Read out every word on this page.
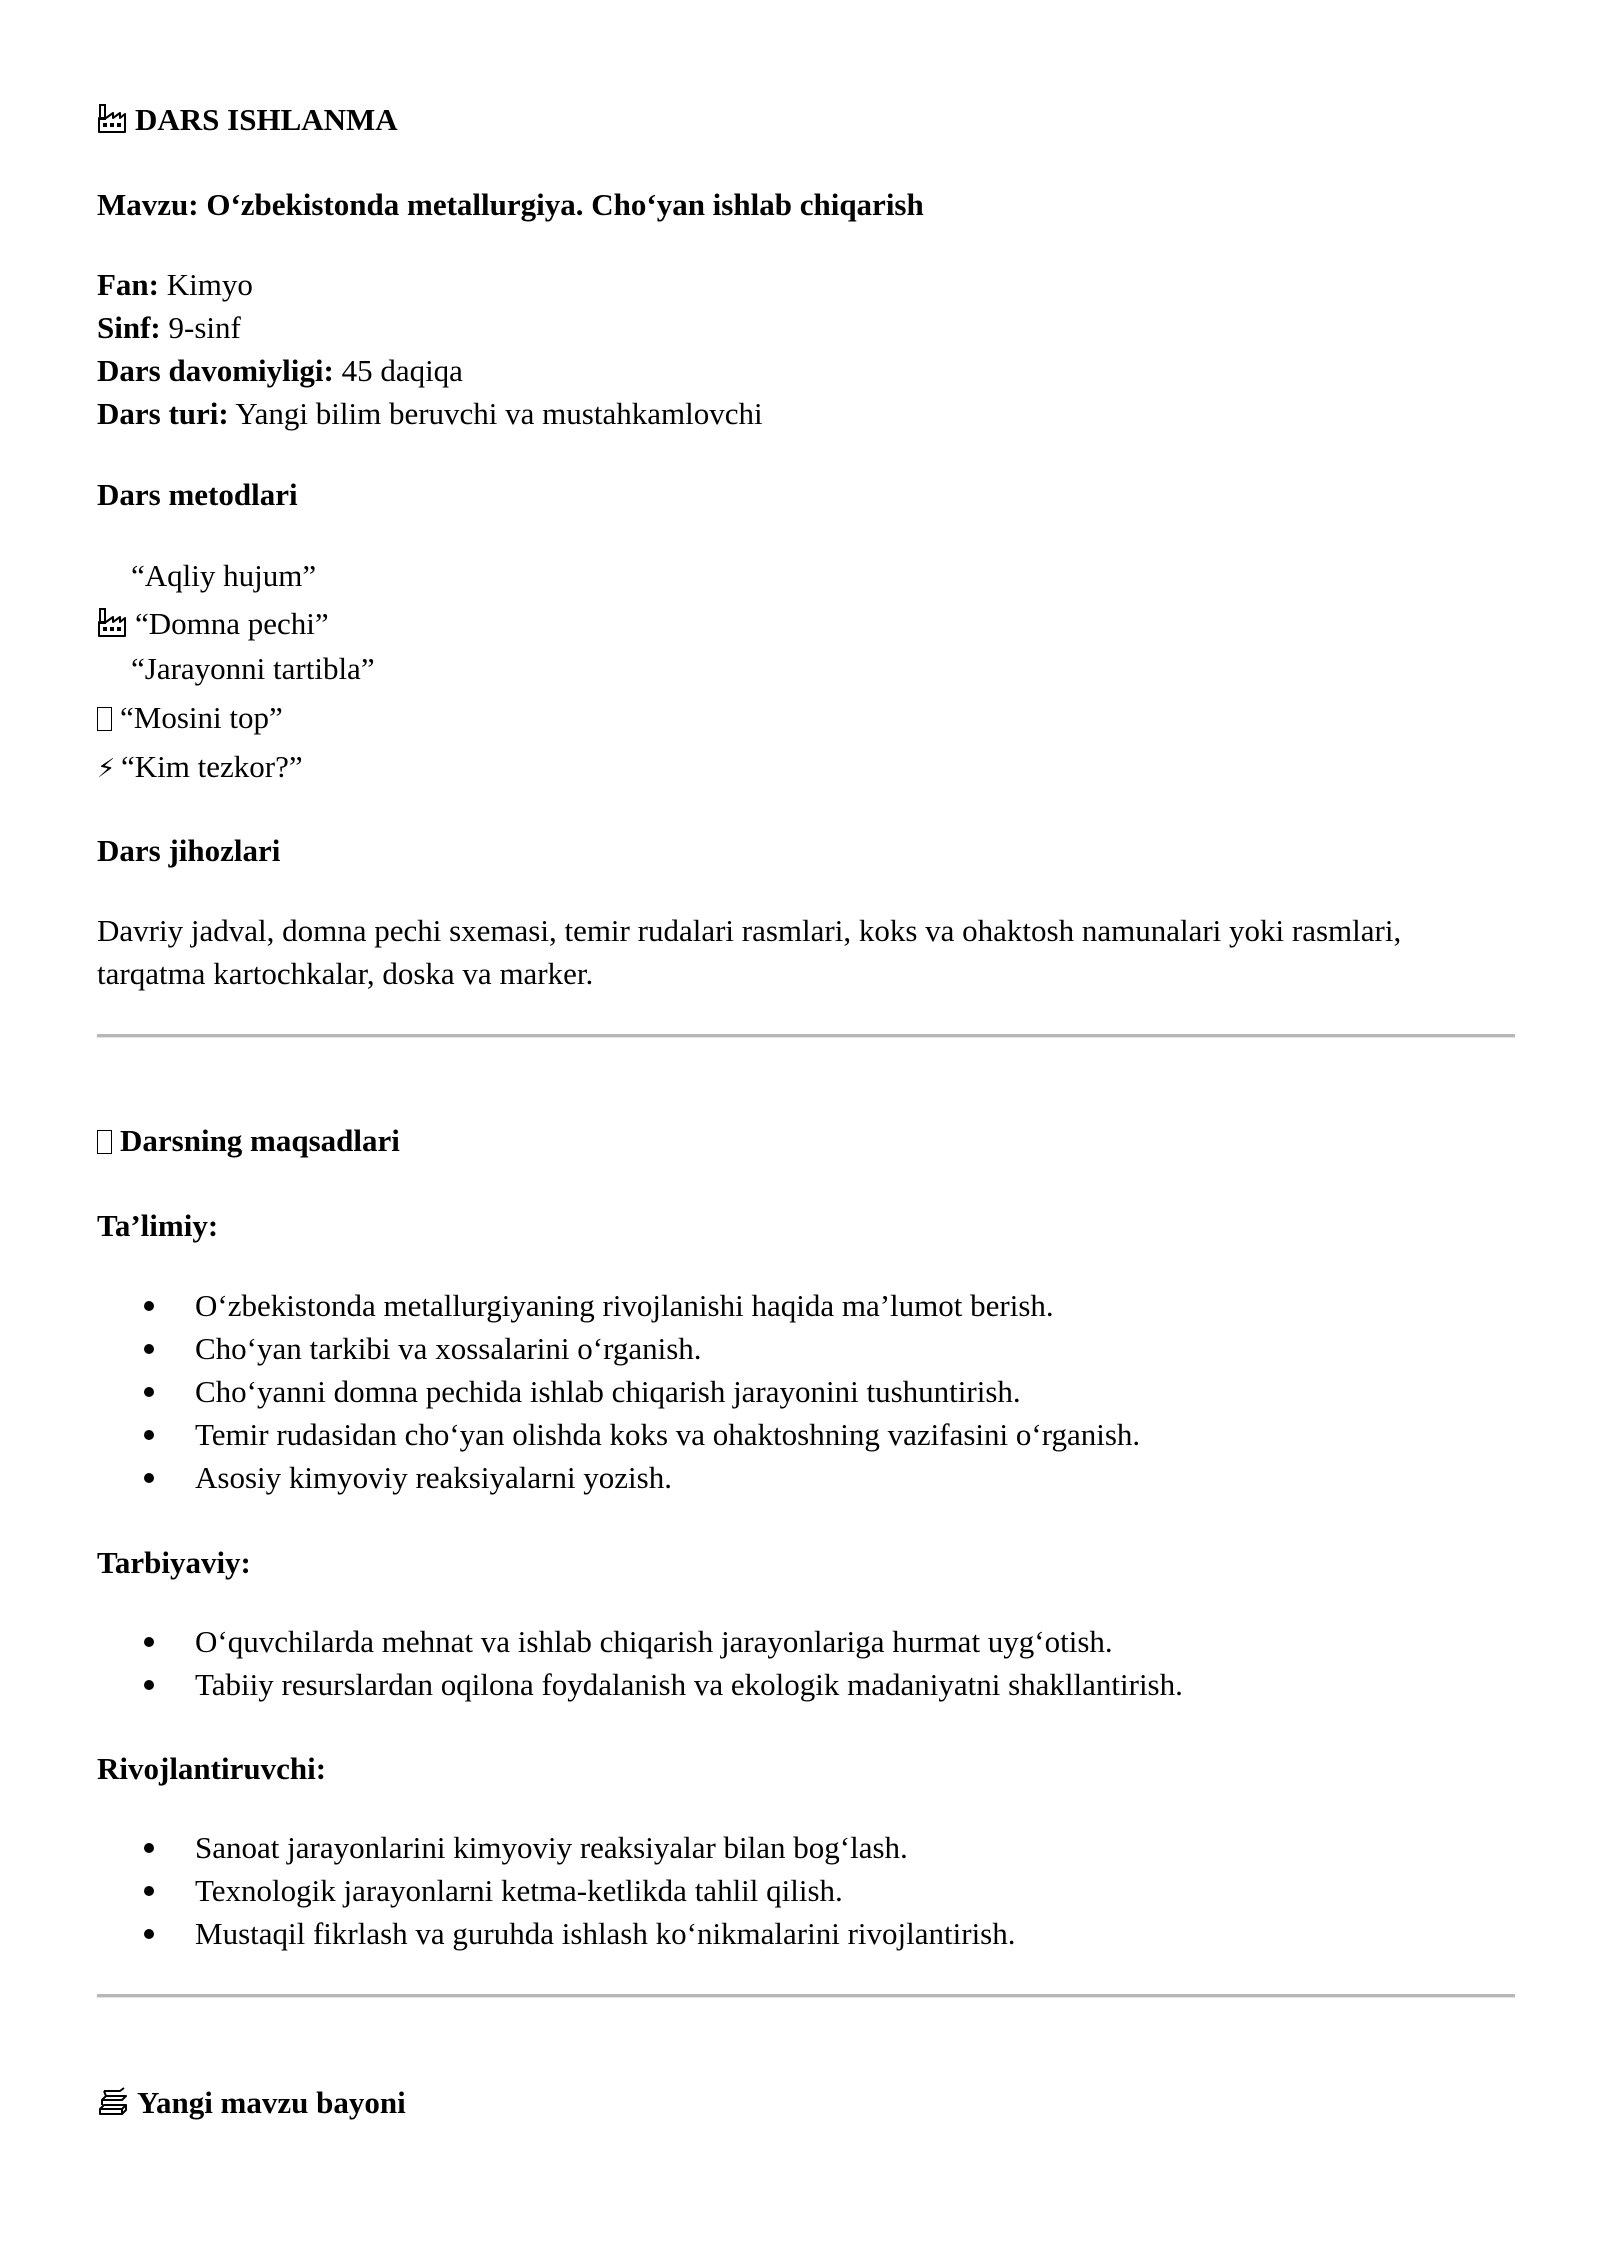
DARS ISHLANMA
Mavzu: O‘zbekistonda metallurgiya. Cho‘yan ishlab chiqarish
Fan: Kimyo
Sinf: 9-sinf
Dars davomiyligi: 45 daqiqa
Dars turi: Yangi bilim beruvchi va mustahkamlovchi
Dars metodlari
“Aqliy hujum”
“Domna pechi”
“Jarayonni tartibla”
“Mosini top”
⚡ “Kim tezkor?”
Dars jihozlari
Davriy jadval, domna pechi sxemasi, temir rudalari rasmlari, koks va ohaktosh namunalari yoki rasmlari, tarqatma kartochkalar, doska va marker.
Darsning maqsadlari
Ta’limiy:
O‘zbekistonda metallurgiyaning rivojlanishi haqida ma’lumot berish.
Cho‘yan tarkibi va xossalarini o‘rganish.
Cho‘yanni domna pechida ishlab chiqarish jarayonini tushuntirish.
Temir rudasidan cho‘yan olishda koks va ohaktoshning vazifasini o‘rganish.
Asosiy kimyoviy reaksiyalarni yozish.
Tarbiyaviy:
O‘quvchilarda mehnat va ishlab chiqarish jarayonlariga hurmat uyg‘otish.
Tabiiy resurslardan oqilona foydalanish va ekologik madaniyatni shakllantirish.
Rivojlantiruvchi:
Sanoat jarayonlarini kimyoviy reaksiyalar bilan bog‘lash.
Texnologik jarayonlarni ketma-ketlikda tahlil qilish.
Mustaqil fikrlash va guruhda ishlash ko‘nikmalarini rivojlantirish.
Yangi mavzu bayoni
